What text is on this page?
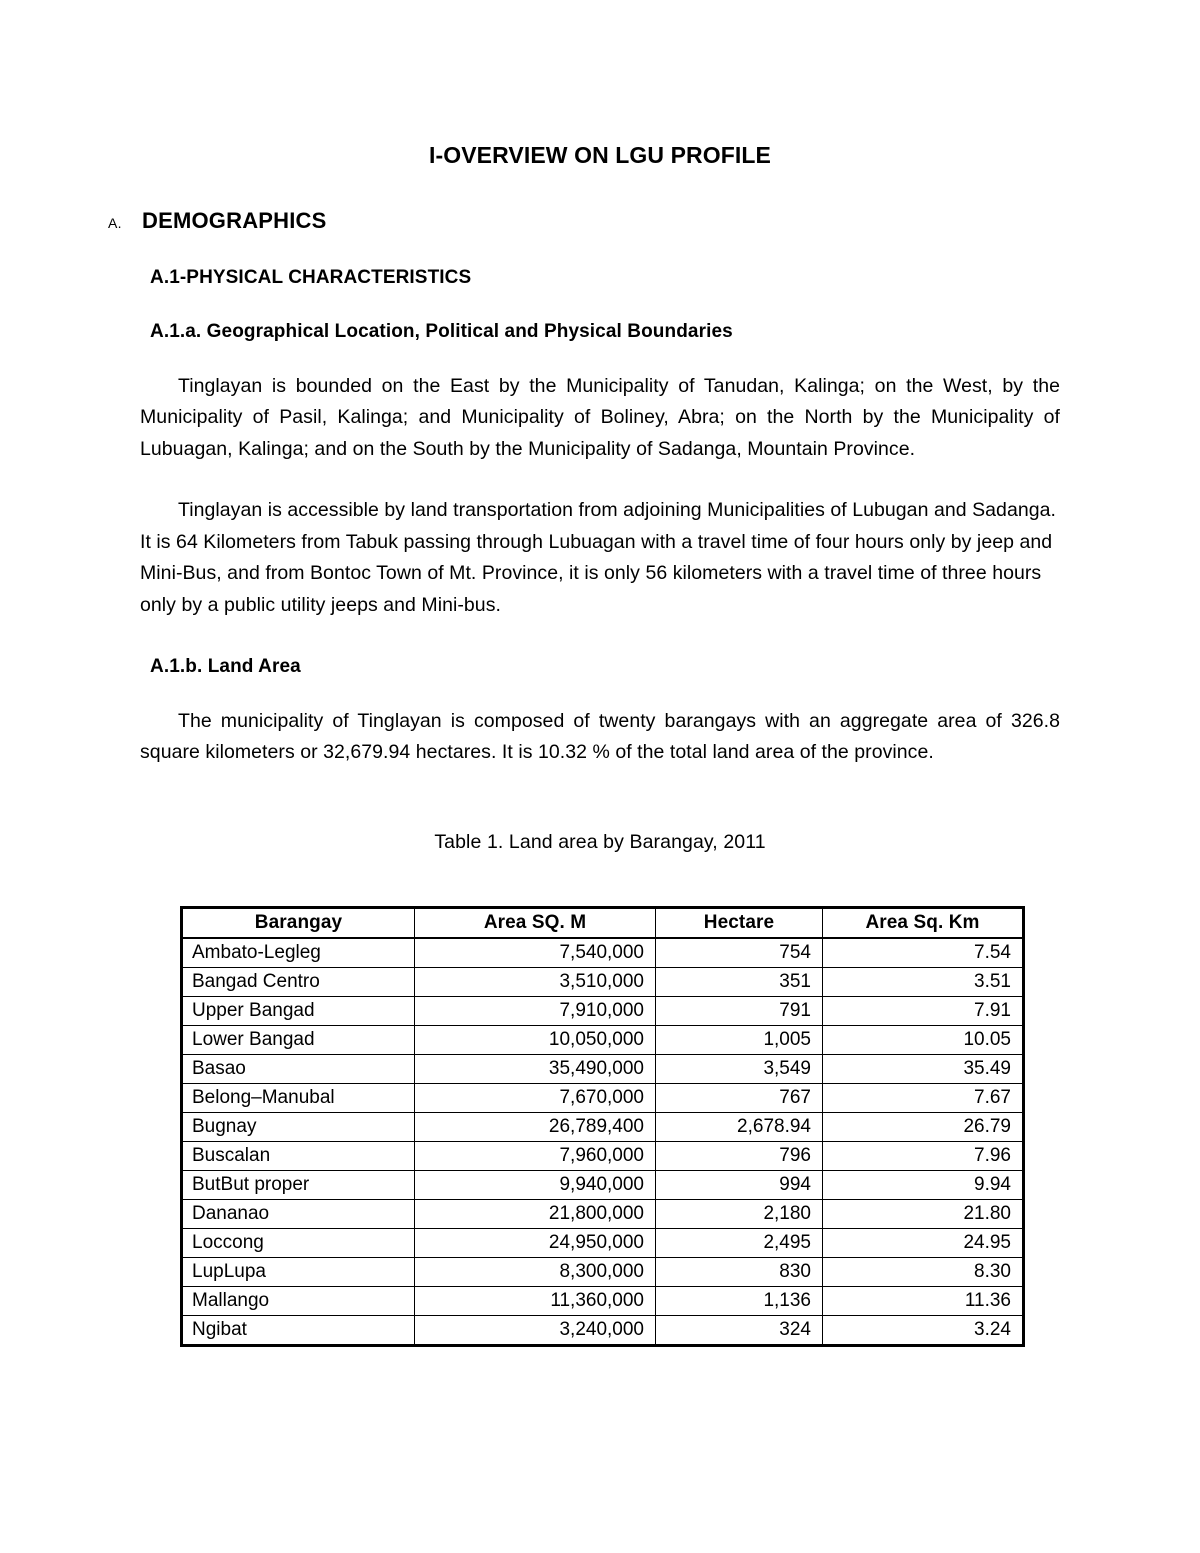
I-OVERVIEW ON LGU PROFILE
A. DEMOGRAPHICS
A.1-PHYSICAL CHARACTERISTICS
A.1.a. Geographical Location, Political and Physical Boundaries

Tinglayan is bounded on the East by the Municipality of Tanudan, Kalinga; on the West, by the Municipality of Pasil, Kalinga; and Municipality of Boliney, Abra; on the North by the Municipality of Lubuagan, Kalinga; and on the South by the Municipality of Sadanga, Mountain Province.

Tinglayan is accessible by land transportation from adjoining Municipalities of Lubugan and Sadanga. It is 64 Kilometers from Tabuk passing through Lubuagan with a travel time of four hours only by jeep and Mini-Bus, and from Bontoc Town of Mt. Province, it is only 56 kilometers with a travel time of three hours only by a public utility jeeps and Mini-bus.

A.1.b. Land Area

The municipality of Tinglayan is composed of twenty barangays with an aggregate area of 326.8 square kilometers or 32,679.94 hectares. It is 10.32 % of the total land area of the province.

Table 1. Land area by Barangay, 2011

Barangay	Area SQ. M	Hectare	Area Sq. Km
Ambato-Legleg	7,540,000	754	7.54
Bangad Centro	3,510,000	351	3.51
Upper Bangad	7,910,000	791	7.91
Lower Bangad	10,050,000	1,005	10.05
Basao	35,490,000	3,549	35.49
Belong–Manubal	7,670,000	767	7.67
Bugnay	26,789,400	2,678.94	26.79
Buscalan	7,960,000	796	7.96
ButBut proper	9,940,000	994	9.94
Dananao	21,800,000	2,180	21.80
Loccong	24,950,000	2,495	24.95
LupLupa	8,300,000	830	8.30
Mallango	11,360,000	1,136	11.36
Ngibat	3,240,000	324	3.24
